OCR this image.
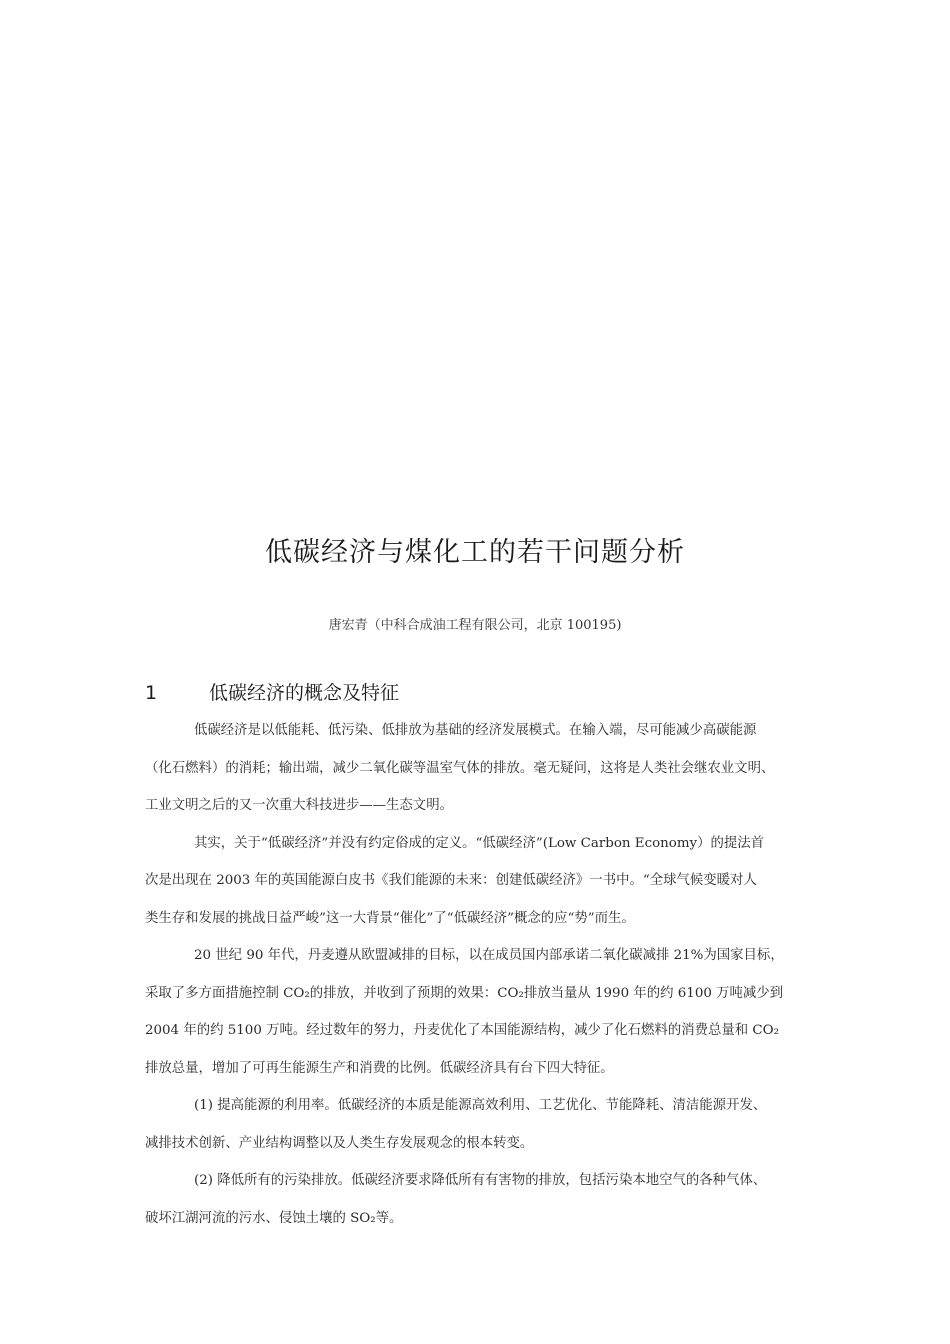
低碳经济与煤化工的若干问题分析
唐宏青（中科合成油工程有限公司，北京 100195)
1	低碳经济的概念及特征

低碳经济是以低能耗、低污染、低排放为基础的经济发展模式。在输入端，尽可能减少高碳能源
（化石燃料）的消耗；输出端，减少二氧化碳等温室气体的排放。毫无疑问，这将是人类社会继农业文明、
工业文明之后的又一次重大科技进步——生态文明。

其实，关于“低碳经济”并没有约定俗成的定义。“低碳经济”(Low Carbon Economy）的提法首
次是出现在 2003 年的英国能源白皮书《我们能源的未来：创建低碳经济》一书中。“全球气候变暖对人
类生存和发展的挑战日益严峻”这一大背景“催化”了“低碳经济”概念的应“势”而生。

20 世纪 90 年代，丹麦遵从欧盟减排的目标，以在成员国内部承诺二氧化碳减排 21%为国家目标，
采取了多方面措施控制 CO₂的排放，并收到了预期的效果：CO₂排放当量从 1990 年的约 6100 万吨减少到
2004 年的约 5100 万吨。经过数年的努力，丹麦优化了本国能源结构，减少了化石燃料的消费总量和 CO₂
排放总量，增加了可再生能源生产和消费的比例。低碳经济具有台下四大特征。

(1) 提高能源的利用率。低碳经济的本质是能源高效利用、工艺优化、节能降耗、清洁能源开发、
减排技术创新、产业结构调整以及人类生存发展观念的根本转变。

(2) 降低所有的污染排放。低碳经济要求降低所有有害物的排放，包括污染本地空气的各种气体、
破坏江湖河流的污水、侵蚀土壤的 SO₂等。
